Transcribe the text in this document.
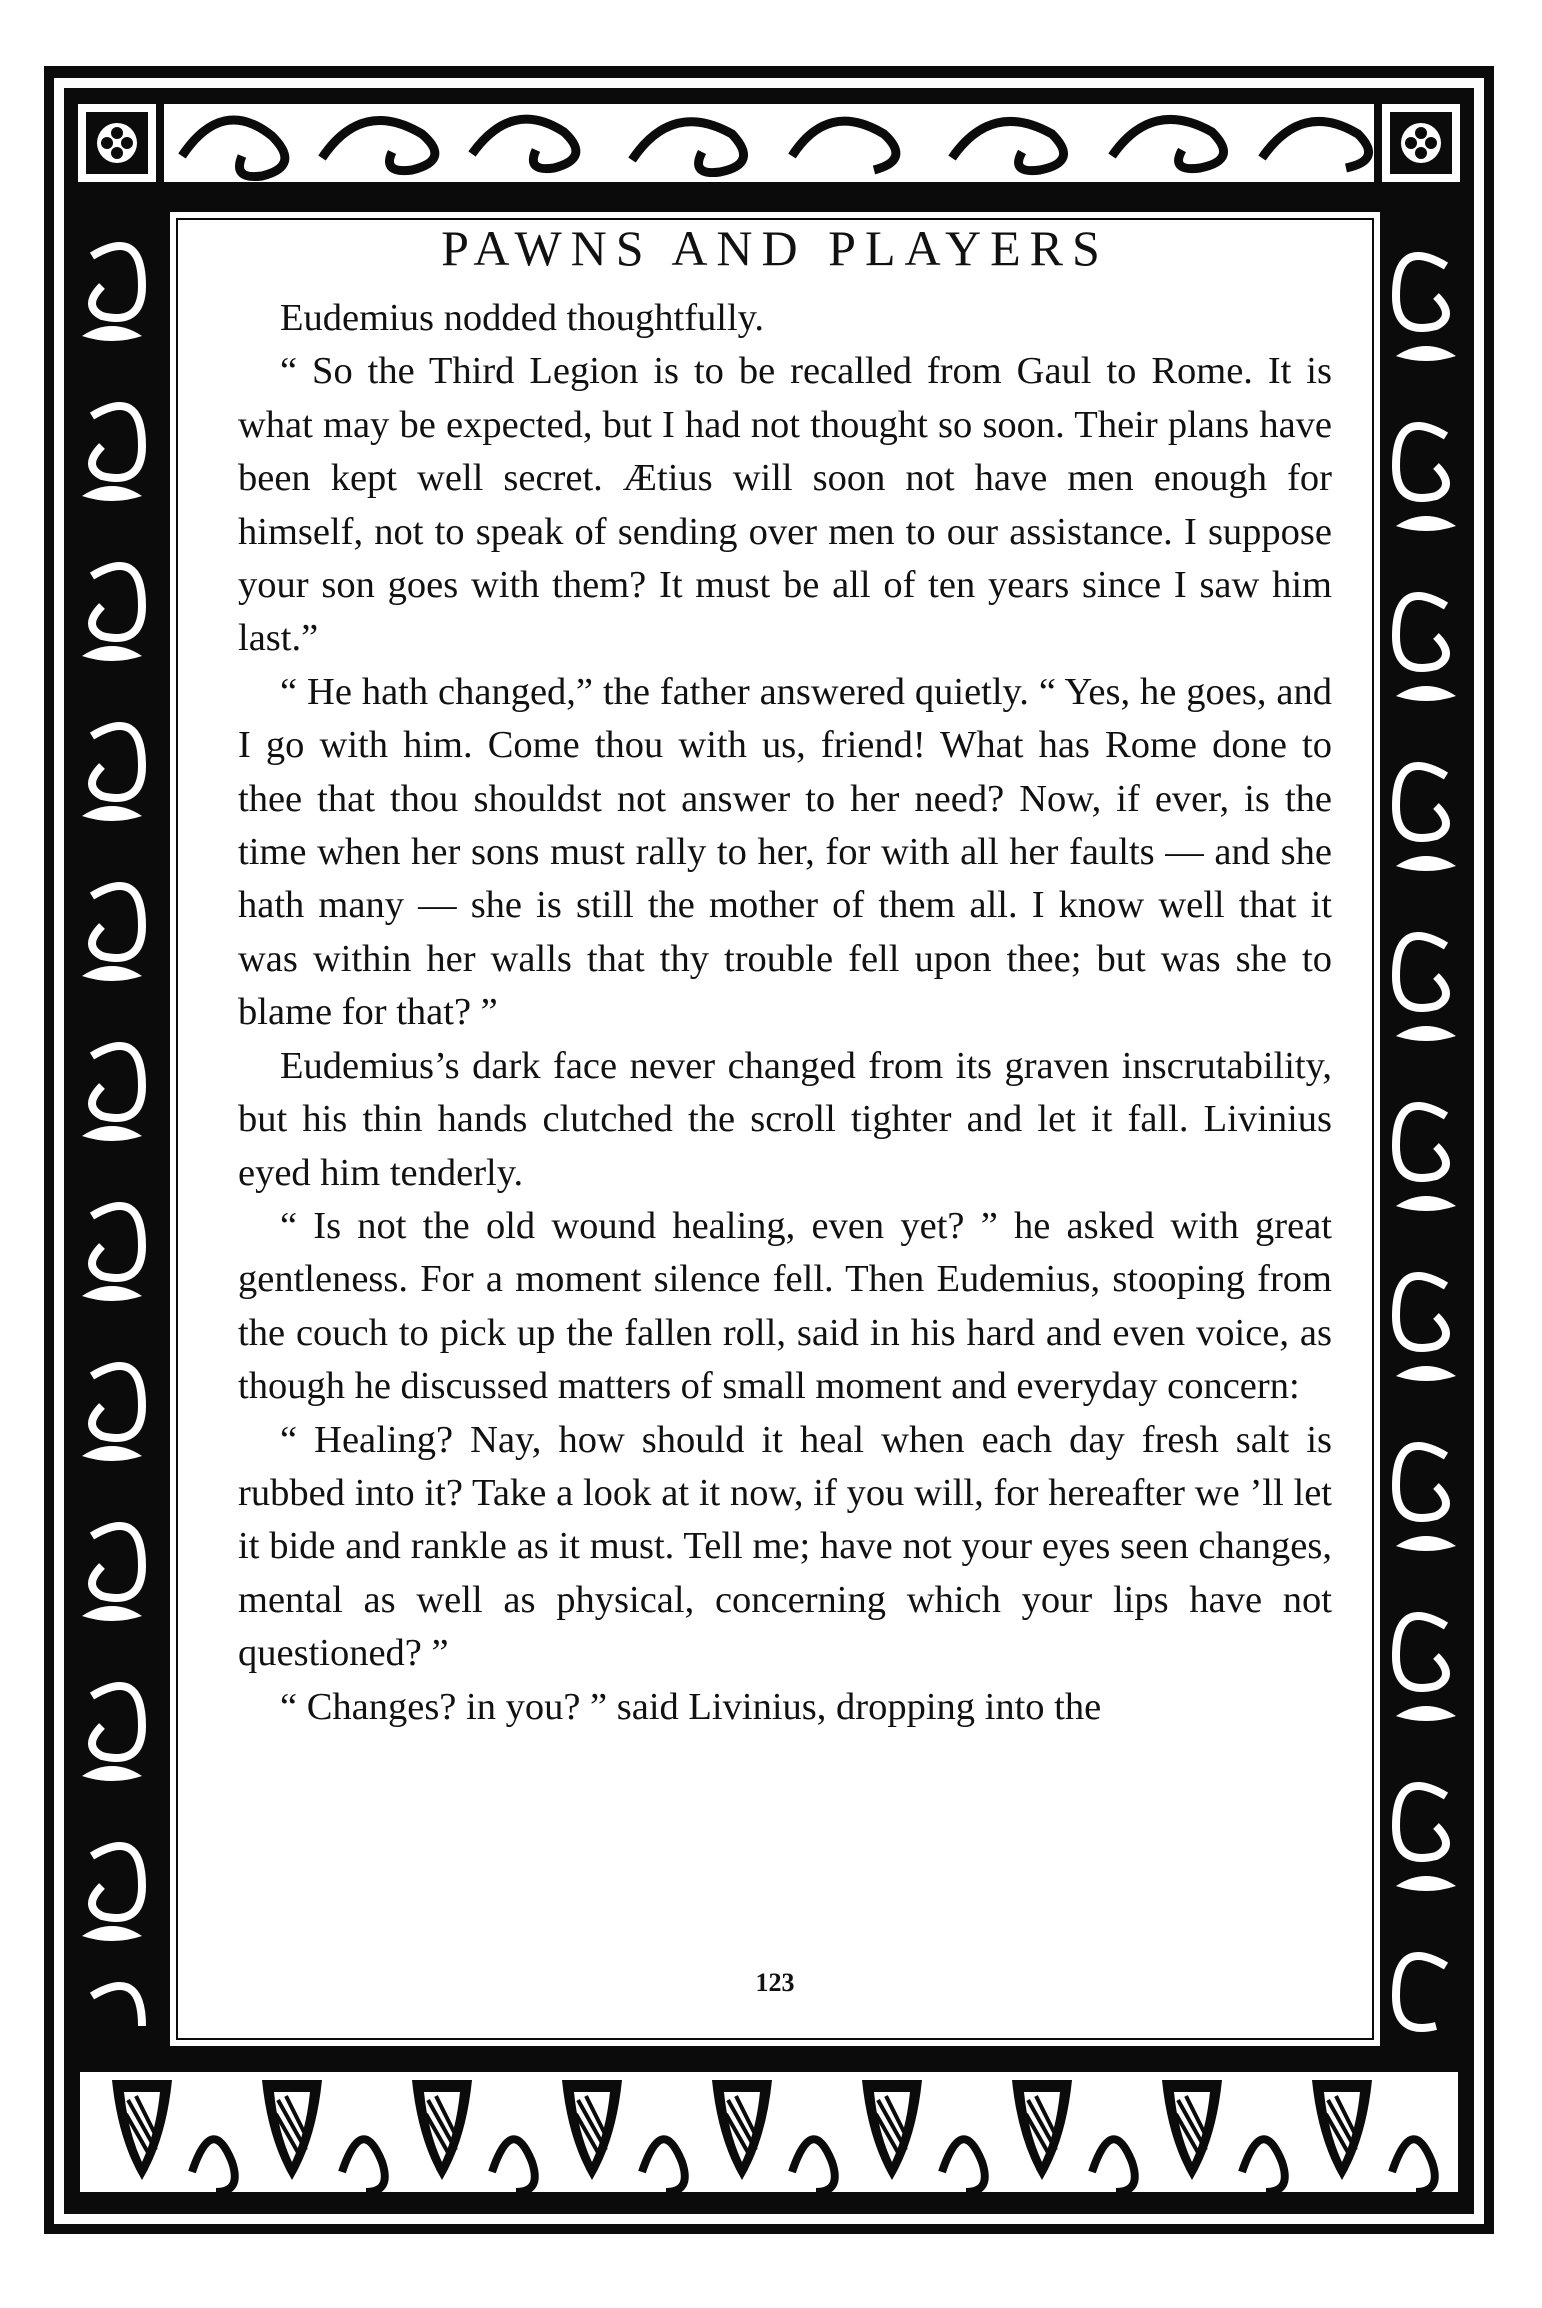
PAWNS AND PLAYERS

Eudemius nodded thoughtfully.

“ So the Third Legion is to be recalled from Gaul to Rome. It is what may be expected, but I had not thought so soon. Their plans have been kept well secret. Ætius will soon not have men enough for himself, not to speak of sending over men to our assistance. I suppose your son goes with them? It must be all of ten years since I saw him last.”

“ He hath changed,” the father answered quietly. “ Yes, he goes, and I go with him. Come thou with us, friend! What has Rome done to thee that thou shouldst not answer to her need? Now, if ever, is the time when her sons must rally to her, for with all her faults — and she hath many — she is still the mother of them all. I know well that it was within her walls that thy trouble fell upon thee; but was she to blame for that? ”

Eudemius’s dark face never changed from its graven inscrutability, but his thin hands clutched the scroll tighter and let it fall. Livinius eyed him tenderly.

“ Is not the old wound healing, even yet? ” he asked with great gentleness. For a moment silence fell. Then Eudemius, stooping from the couch to pick up the fallen roll, said in his hard and even voice, as though he discussed matters of small moment and everyday concern:

“ Healing? Nay, how should it heal when each day fresh salt is rubbed into it? Take a look at it now, if you will, for hereafter we ’ll let it bide and rankle as it must. Tell me; have not your eyes seen changes, mental as well as physical, concerning which your lips have not questioned? ”

“ Changes? in you? ” said Livinius, dropping into the

123
